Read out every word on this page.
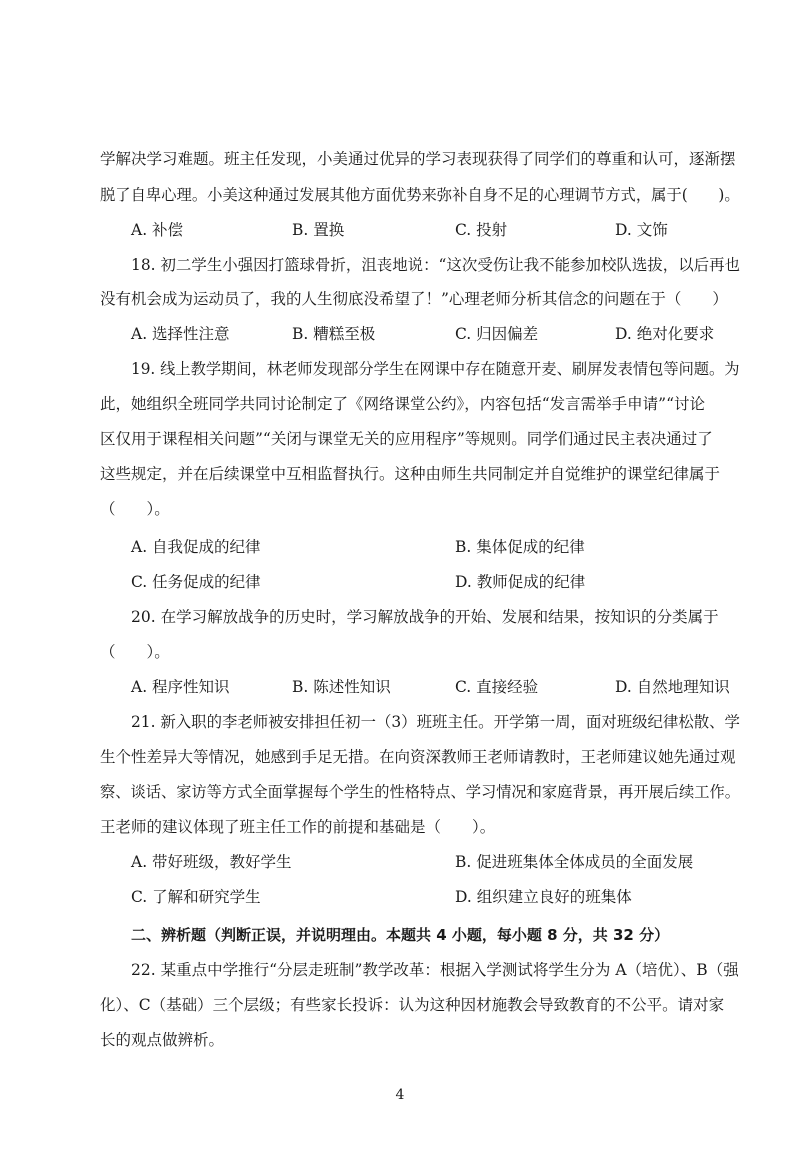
学解决学习难题。班主任发现，小美通过优异的学习表现获得了同学们的尊重和认可，逐渐摆
脱了自卑心理。小美这种通过发展其他方面优势来弥补自身不足的心理调节方式，属于(　　)。
A. 补偿	B. 置换	C. 投射	D. 文饰
18. 初二学生小强因打篮球骨折，沮丧地说：“这次受伤让我不能参加校队选拔，以后再也
没有机会成为运动员了，我的人生彻底没希望了！”心理老师分析其信念的问题在于（　　）
A. 选择性注意	B. 糟糕至极	C. 归因偏差	D. 绝对化要求
19. 线上教学期间，林老师发现部分学生在网课中存在随意开麦、刷屏发表情包等问题。为
此，她组织全班同学共同讨论制定了《网络课堂公约》，内容包括“发言需举手申请”“讨论
区仅用于课程相关问题”“关闭与课堂无关的应用程序”等规则。同学们通过民主表决通过了
这些规定，并在后续课堂中互相监督执行。这种由师生共同制定并自觉维护的课堂纪律属于
（　　）。
A. 自我促成的纪律	B. 集体促成的纪律
C. 任务促成的纪律	D. 教师促成的纪律
20. 在学习解放战争的历史时，学习解放战争的开始、发展和结果，按知识的分类属于
（　　）。
A. 程序性知识	B. 陈述性知识	C. 直接经验	D. 自然地理知识
21. 新入职的李老师被安排担任初一（3）班班主任。开学第一周，面对班级纪律松散、学
生个性差异大等情况，她感到手足无措。在向资深教师王老师请教时，王老师建议她先通过观
察、谈话、家访等方式全面掌握每个学生的性格特点、学习情况和家庭背景，再开展后续工作。
王老师的建议体现了班主任工作的前提和基础是（　　）。
A. 带好班级，教好学生	B. 促进班集体全体成员的全面发展
C. 了解和研究学生	D. 组织建立良好的班集体
二、辨析题（判断正误，并说明理由。本题共 4 小题，每小题 8 分，共 32 分）
22. 某重点中学推行“分层走班制”教学改革：根据入学测试将学生分为 A（培优）、B（强
化）、C（基础）三个层级；有些家长投诉：认为这种因材施教会导致教育的不公平。请对家
长的观点做辨析。
4
